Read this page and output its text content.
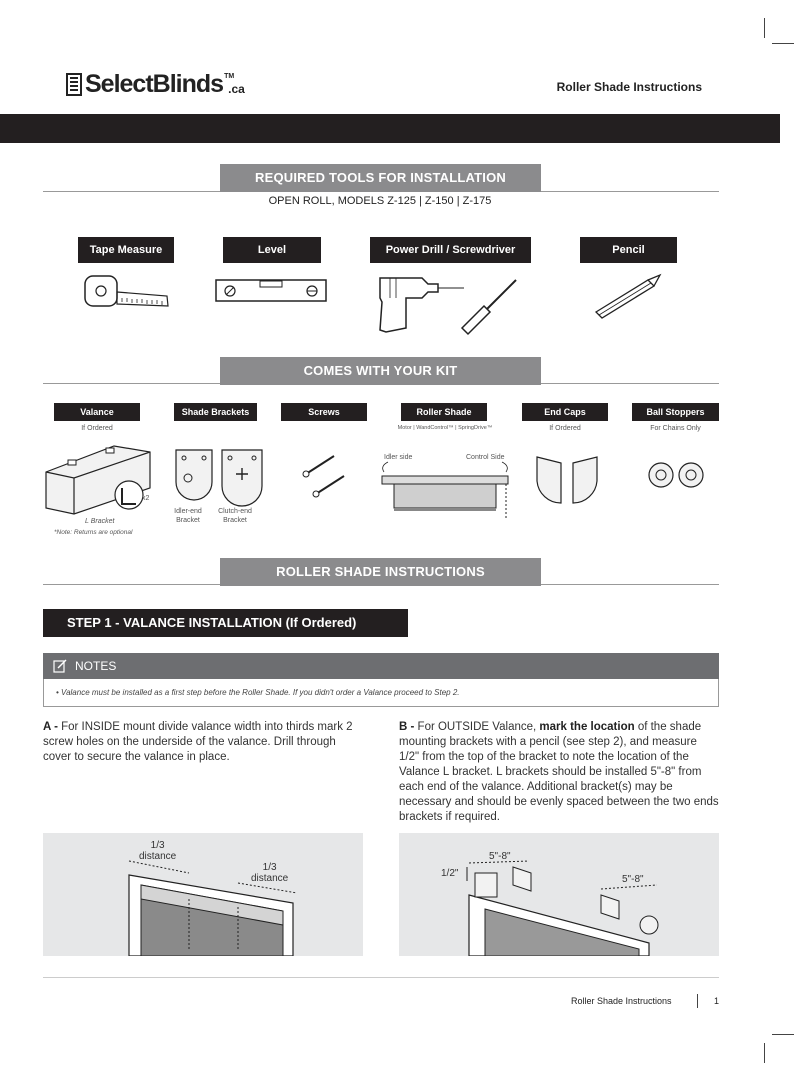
SelectBlinds TM
.ca	Roller Shade Instructions
REQUIRED TOOLS FOR INSTALLATION
OPEN ROLL, MODELS Z-125 | Z-150 | Z-175
Tape Measure	Level	Power Drill / Screwdriver	Pencil
COMES WITH YOUR KIT
Valance	Shade Brackets	Screws	Roller Shade	End Caps	Ball Stoppers
If Ordered	Motor | WandControl™ | SpringDrive™	If Ordered	For Chains Only
x2
L Bracket
*Note: Returns are optional
Idler-end
Bracket
Clutch-end
Bracket
Idler side	Control Side
ROLLER SHADE INSTRUCTIONS
STEP 1 - VALANCE INSTALLATION (If Ordered)
NOTES
• Valance must be installed as a first step before the Roller Shade. If you didn't order a Valance proceed to Step 2.
A - For INSIDE mount divide valance width into thirds mark 2 screw holes on the underside of the valance. Drill through cover to secure the valance in place.
B - For OUTSIDE Valance, mark the location of the shade mounting brackets with a pencil (see step 2), and measure 1/2" from the top of the bracket to note the location of the Valance L bracket. L brackets should be installed 5"-8" from each end of the valance. Additional bracket(s) may be necessary and should be evenly spaced between the two ends brackets if required.
1/3
distance
1/3
distance	1/2"
5"-8"
5"-8"
Roller Shade Instructions	1
